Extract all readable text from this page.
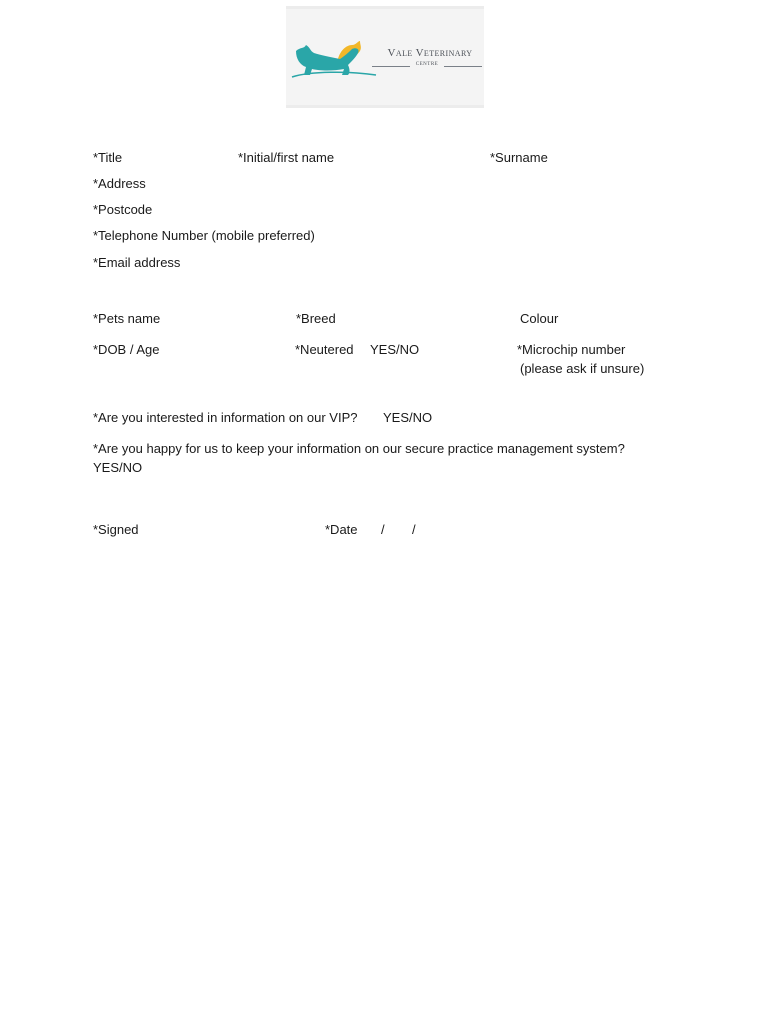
Vale Veterinary
CENTRE
*Title	*Initial/first name	*Surname
*Address
*Postcode
*Telephone Number (mobile preferred)
*Email address
*Pets name	*Breed	Colour
*DOB / Age	*Neutered YES/NO	*Microchip number
(please ask if unsure)
*Are you interested in information on our VIP? YES/NO
*Are you happy for us to keep your information on our secure practice management system?
YES/NO
*Signed	*Date / /
